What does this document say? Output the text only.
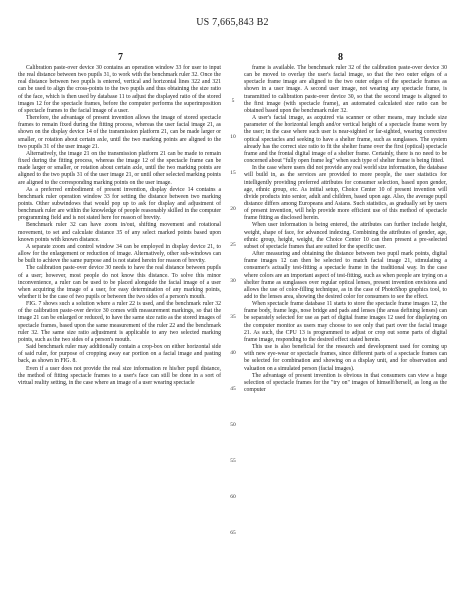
US 7,665,843 B2
7	8

Calibration paste-over device 30 contains an operation window 33 for user to input the real distance between two pupils 31, to work with the benchmark ruler 32. Once the real distance between two pupils is entered, vertical and horizontal lines 322 and 321 can be used to align the cross-points to the two pupils and thus obtaining the size ratio of the face, which is then used by database 11 to adjust the displayed ratio of the stored images 12 for the spectacle frames, before the computer performs the superimposition of spectacle frames to the facial image of a user.

Therefore, the advantage of present invention allows the image of stored spectacle frames to remain fixed during the fitting process, whereas the user facial image 21, as shown on the display device 14 of the transmission platform 21, can be made larger or smaller, or rotation about certain axle, until the two marking points are aligned to the two pupils 31 of the user image 21.

Alternatively, the image 21 on the transmission platform 21 can be made to remain fixed during the fitting process, whereas the image 12 of the spectacle frame can be made larger or smaller, or rotation about certain axle, until the two marking points are aligned to the two pupils 31 of the user image 21, or until other selected marking points are aligned to the corresponding marking points on the user image.

As a preferred embodiment of present invention, display device 14 contains a benchmark ruler operation window 33 for setting the distance between two marking points. Other subwindows that would pop up to ask for display and adjustment of benchmark ruler are within the knowledge of people reasonably skilled in the computer programming field and is not stated here for reason of brevity.

Benchmark ruler 32 can have zoom in/out, shifting movement and rotational movement, to set and calculate distance 35 of any select marked points based upon known points with known distance.

A separate zoom and control window 34 can be employed in display device 21, to allow for the enlargement or reduction of image. Alternatively, other sub-windows can be built to achieve the same purpose and is not stated herein for reason of brevity.

The calibration paste-over device 30 needs to have the real distance between pupils of a user; however, most people do not know this distance. To solve this minor inconvenience, a ruler can be used to be placed alongside the facial image of a user when acquiring the image of a user, for easy determination of any marking points, whether it be the case of two pupils or between the two sides of a person's mouth.

FIG. 7 shows such a solution where a ruler 22 is used, and the benchmark ruler 32 of the calibration paste-over device 30 comes with measurement markings, so that the image 21 can be enlarged or reduced, to have the same size ratio as the stored images of spectacle frames, based upon the same measurement of the ruler 22 and the benchmark ruler 32. The same size ratio adjustment is applicable to any two selected marking points, such as the two sides of a person's mouth.

Said benchmark ruler may additionally contain a crop-box on either horizontal side of said ruler, for purpose of cropping away ear portion on a facial image and pasting back, as shown in FIG. 8.

Even if a user does not provide the real size information re his/her pupil distance, the method of fitting spectacle frames to a user's face can still be done in a sort of virtual reality setting, in the case where an image of a user wearing spectacle

5
10
15
20
25
30
35
40
45
50
55
60
65

frame is available. The benchmark ruler 32 of the calibration paste-over device 30 can be moved to overlay the user's facial image, so that the two outer edges of a spectacle frame image are aligned to the two outer edges of the spectacle frames as shown in a user image. A second user image, not wearing any spectacle frame, is transmitted to calibration paste-over device 30, so that the second image is aligned to the first image (with spectacle frame), an automated calculated size ratio can be obtained based upon the benchmark ruler 32.

A user's facial image, as acquired via scanner or other means, may include size parameter of the horizontal length and/or vertical height of a spectacle frame worn by the user; in the case where such user is near-sighted or far-sighted, wearing corrective optical spectacles and seeking to have a shelter frame, such as sunglasses. The system already has the correct size ratio to fit the shelter frame over the first (optical) spectacle frame and the frontal digital image of a shelter frame. Certainly, there is no need to be concerned about "fully open frame leg" when such type of shelter frame is being fitted.

In the case where users did not provide any real world size information, the database will build in, as the services are provided to more people, the user statistics for intelligently providing preferred attributes for consumer selection, based upon gender, age, ethnic group, etc. As initial setup, Choice Center 10 of present invention will divide products into senior, adult and children, based upon age. Also, the average pupil distance differs among Europeans and Asians. Such statistics, as gradually set by users of present invention, will help provide more efficient use of this method of spectacle frame fitting as disclosed herein.

When user information is being entered, the attributes can further include height, weight, shape of face, for advanced indexing. Combining the attributes of gender, age, ethnic group, height, weight, the Choice Center 10 can then present a pre-selected subset of spectacle frames that are suited for the specific user.

After measuring and obtaining the distance between two pupil mark points, digital frame images 12 can then be selected to match facial image 21, stimulating a consumer's actually test-fitting a spectacle frame in the traditional way. In the case where colors are an important aspect of test-fitting, such as when people are trying on a shelter frame as sunglasses over regular optical lenses, present invention envisions and allows the use of color-filling technique, as in the case of PhotoShop graphics tool, to add to the lenses area, showing the desired color for consumers to see the effect.

When spectacle frame database 11 starts to store the spectacle frame images 12, the frame body, frame legs, nose bridge and pads and lenses (the areas defining lenses) can be separately selected for use as part of digital frame images 12 used for displaying on the computer monitor as users may choose to see only that part over the facial image 21. As such, the CPU 13 is programmed to adjust or crop out some parts of digital frame image, responding to the desired effect stated herein.

This use is also beneficial for the research and development used for coming up with new eye-wear or spectacle frames, since different parts of a spectacle frames can be selected for combination and showing on a display unit, and for observation and valuation on a simulated person (facial images).

The advantage of present invention is obvious in that consumers can view a huge selection of spectacle frames for the "try on" images of himself/herself, as long as the computer
